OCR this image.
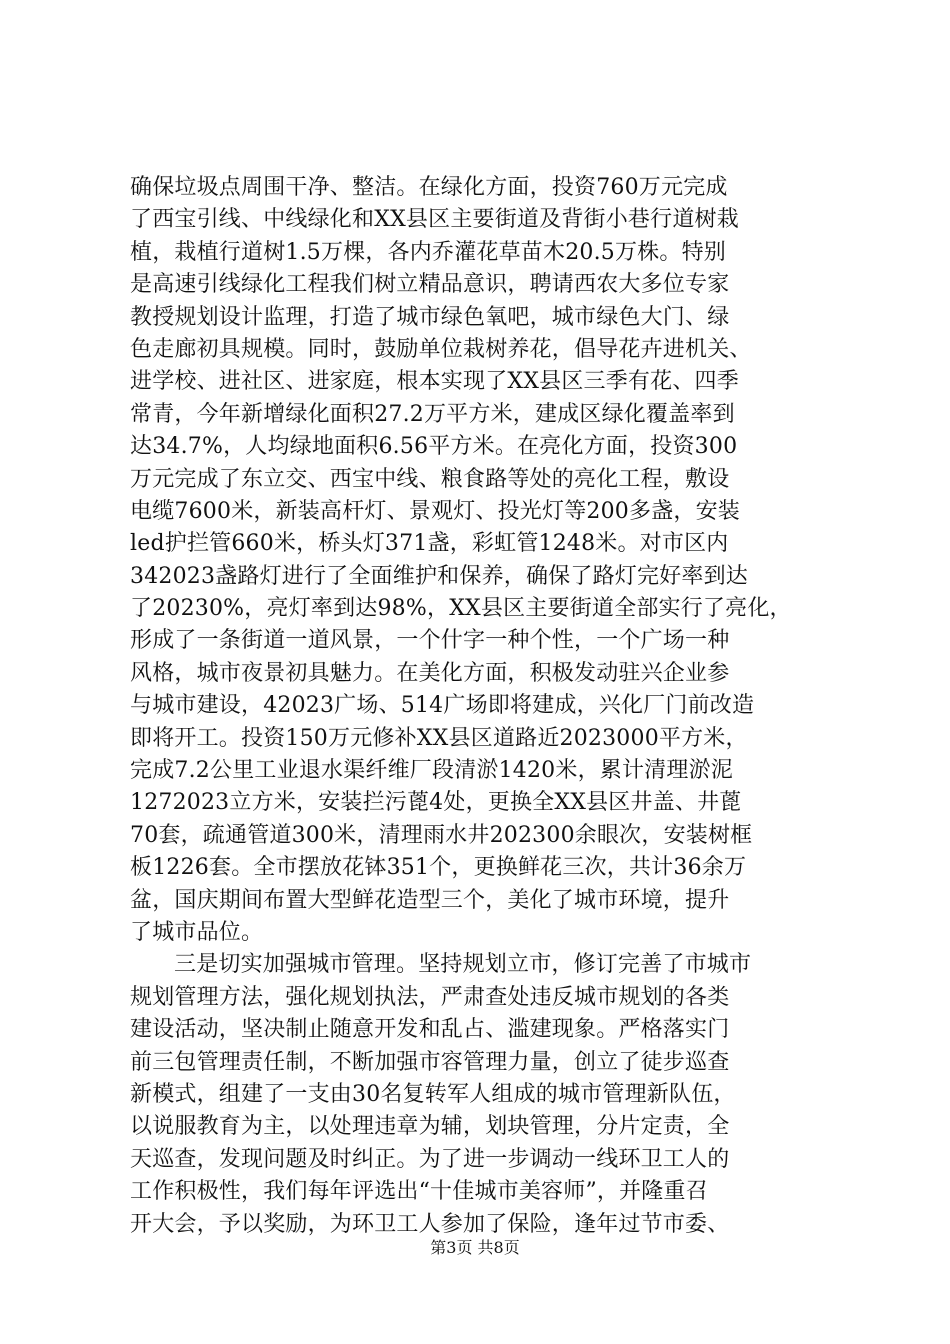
确保垃圾点周围干净、整洁。在绿化方面，投资760万元完成
了西宝引线、中线绿化和XX县区主要街道及背街小巷行道树栽
植，栽植行道树1.5万棵，各内乔灌花草苗木20.5万株。特别
是高速引线绿化工程我们树立精品意识，聘请西农大多位专家
教授规划设计监理，打造了城市绿色氧吧，城市绿色大门、绿
色走廊初具规模。同时，鼓励单位栽树养花，倡导花卉进机关、
进学校、进社区、进家庭，根本实现了XX县区三季有花、四季
常青，今年新增绿化面积27.2万平方米，建成区绿化覆盖率到
达34.7%，人均绿地面积6.56平方米。在亮化方面，投资300
万元完成了东立交、西宝中线、粮食路等处的亮化工程，敷设
电缆7600米，新装高杆灯、景观灯、投光灯等200多盏，安装
led护拦管660米，桥头灯371盏，彩虹管1248米。对市区内
342023盏路灯进行了全面维护和保养，确保了路灯完好率到达
了20230%，亮灯率到达98%，XX县区主要街道全部实行了亮化，
形成了一条街道一道风景，一个什字一种个性，一个广场一种
风格，城市夜景初具魅力。在美化方面，积极发动驻兴企业参
与城市建设，42023广场、514广场即将建成，兴化厂门前改造
即将开工。投资150万元修补XX县区道路近2023000平方米，
完成7.2公里工业退水渠纤维厂段清淤1420米，累计清理淤泥
1272023立方米，安装拦污蓖4处，更换全XX县区井盖、井蓖
70套，疏通管道300米，清理雨水井202300余眼次，安装树框
板1226套。全市摆放花钵351个，更换鲜花三次，共计36余万
盆，国庆期间布置大型鲜花造型三个，美化了城市环境，提升
了城市品位。
三是切实加强城市管理。坚持规划立市，修订完善了市城市
规划管理方法，强化规划执法，严肃查处违反城市规划的各类
建设活动，坚决制止随意开发和乱占、滥建现象。严格落实门
前三包管理责任制，不断加强市容管理力量，创立了徒步巡查
新模式，组建了一支由30名复转军人组成的城市管理新队伍，
以说服教育为主，以处理违章为辅，划块管理，分片定责，全
天巡查，发现问题及时纠正。为了进一步调动一线环卫工人的
工作积极性，我们每年评选出“十佳城市美容师”，并隆重召
开大会，予以奖励，为环卫工人参加了保险，逢年过节市委、
第3页 共8页
